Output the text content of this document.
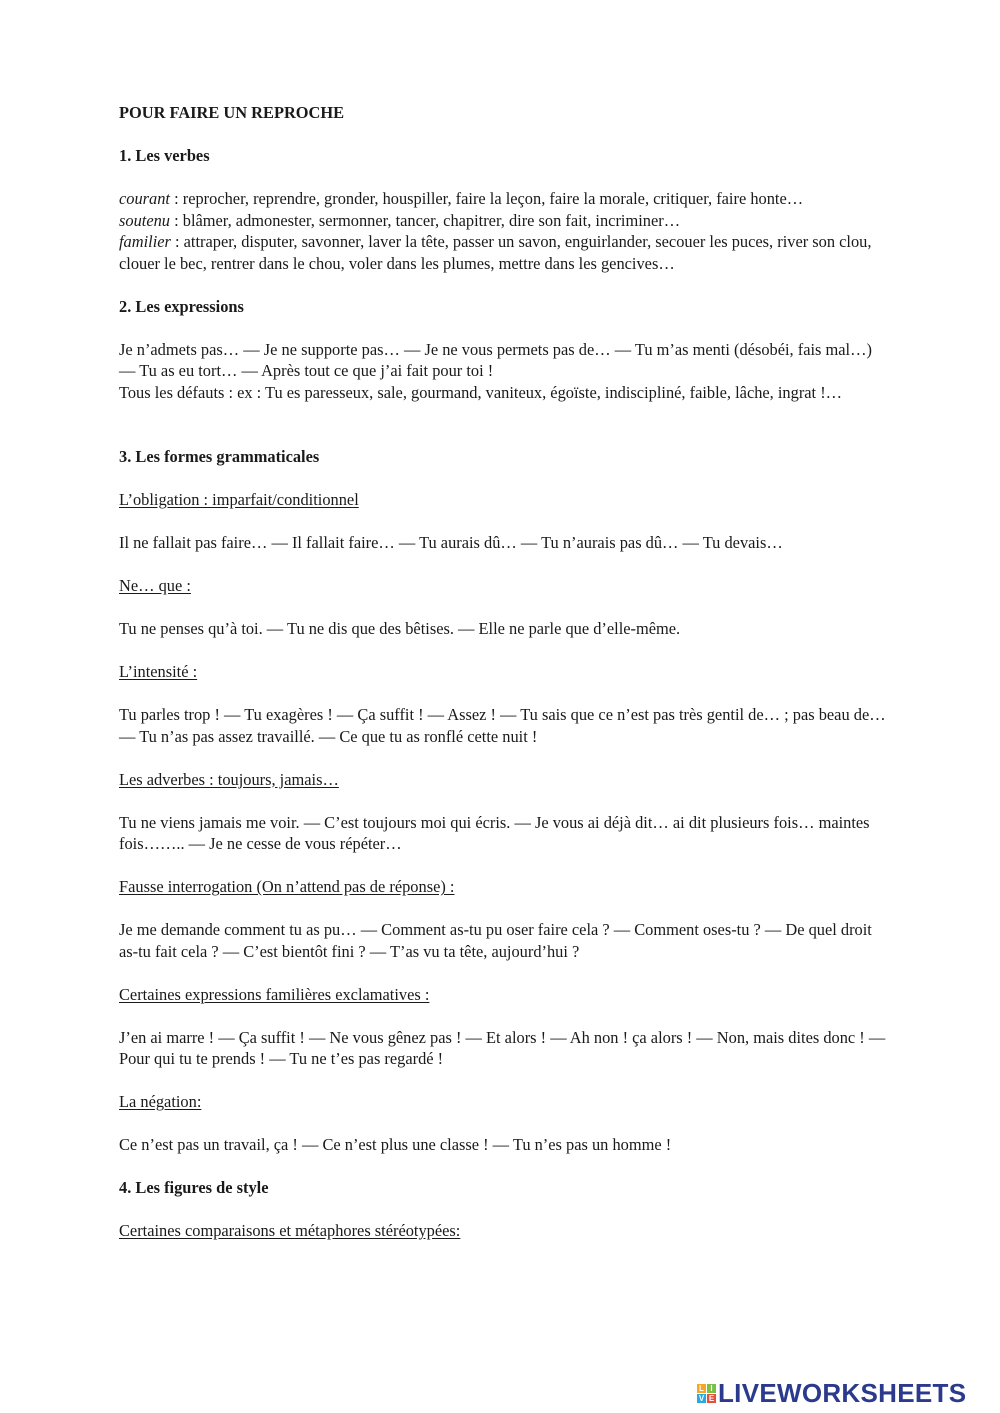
POUR FAIRE UN REPROCHE

1. Les verbes

courant : reprocher, reprendre, gronder, houspiller, faire la leçon, faire la morale, critiquer, faire honte…

soutenu : blâmer, admonester, sermonner, tancer, chapitrer, dire son fait, incriminer…

familier : attraper, disputer, savonner, laver la tête, passer un savon, enguirlander, secouer les puces, river son clou, clouer le bec, rentrer dans le chou, voler dans les plumes, mettre dans les gencives…

2. Les expressions

Je n’admets pas… — Je ne supporte pas… — Je ne vous permets pas de… — Tu m’as menti (désobéi, fais mal…) — Tu as eu tort… — Après tout ce que j’ai fait pour toi !

Tous les défauts : ex : Tu es paresseux, sale, gourmand, vaniteux, égoïste, indiscipliné, faible, lâche, ingrat !…

3. Les formes grammaticales

L’obligation : imparfait/conditionnel

Il ne fallait pas faire… — Il fallait faire… — Tu aurais dû… — Tu n’aurais pas dû… — Tu devais…

Ne… que :

Tu ne penses qu’à toi. — Tu ne dis que des bêtises. — Elle ne parle que d’elle-même.

L’intensité :

Tu parles trop ! — Tu exagères ! — Ça suffit ! — Assez ! — Tu sais que ce n’est pas très gentil de… ; pas beau de… — Tu n’as pas assez travaillé. — Ce que tu as ronflé cette nuit !

Les adverbes : toujours, jamais…

Tu ne viens jamais me voir. — C’est toujours moi qui écris. — Je vous ai déjà dit… ai dit plusieurs fois… maintes fois…….. — Je ne cesse de vous répéter…

Fausse interrogation (On n’attend pas de réponse) :

Je me demande comment tu as pu… — Comment as-tu pu oser faire cela ? — Comment oses-tu ? — De quel droit as-tu fait cela ? — C’est bientôt fini ? — T’as vu ta tête, aujourd’hui ?

Certaines expressions familières exclamatives :

J’en ai marre ! — Ça suffit ! — Ne vous gênez pas ! — Et alors ! — Ah non ! ça alors ! — Non, mais dites donc ! — Pour qui tu te prends ! — Tu ne t’es pas regardé !

La négation:

Ce n’est pas un travail, ça ! — Ce n’est plus une classe ! — Tu n’es pas un homme !

4. Les figures de style

Certaines comparaisons et métaphores stéréotypées:

L I
V E LIVEWORKSHEETS
